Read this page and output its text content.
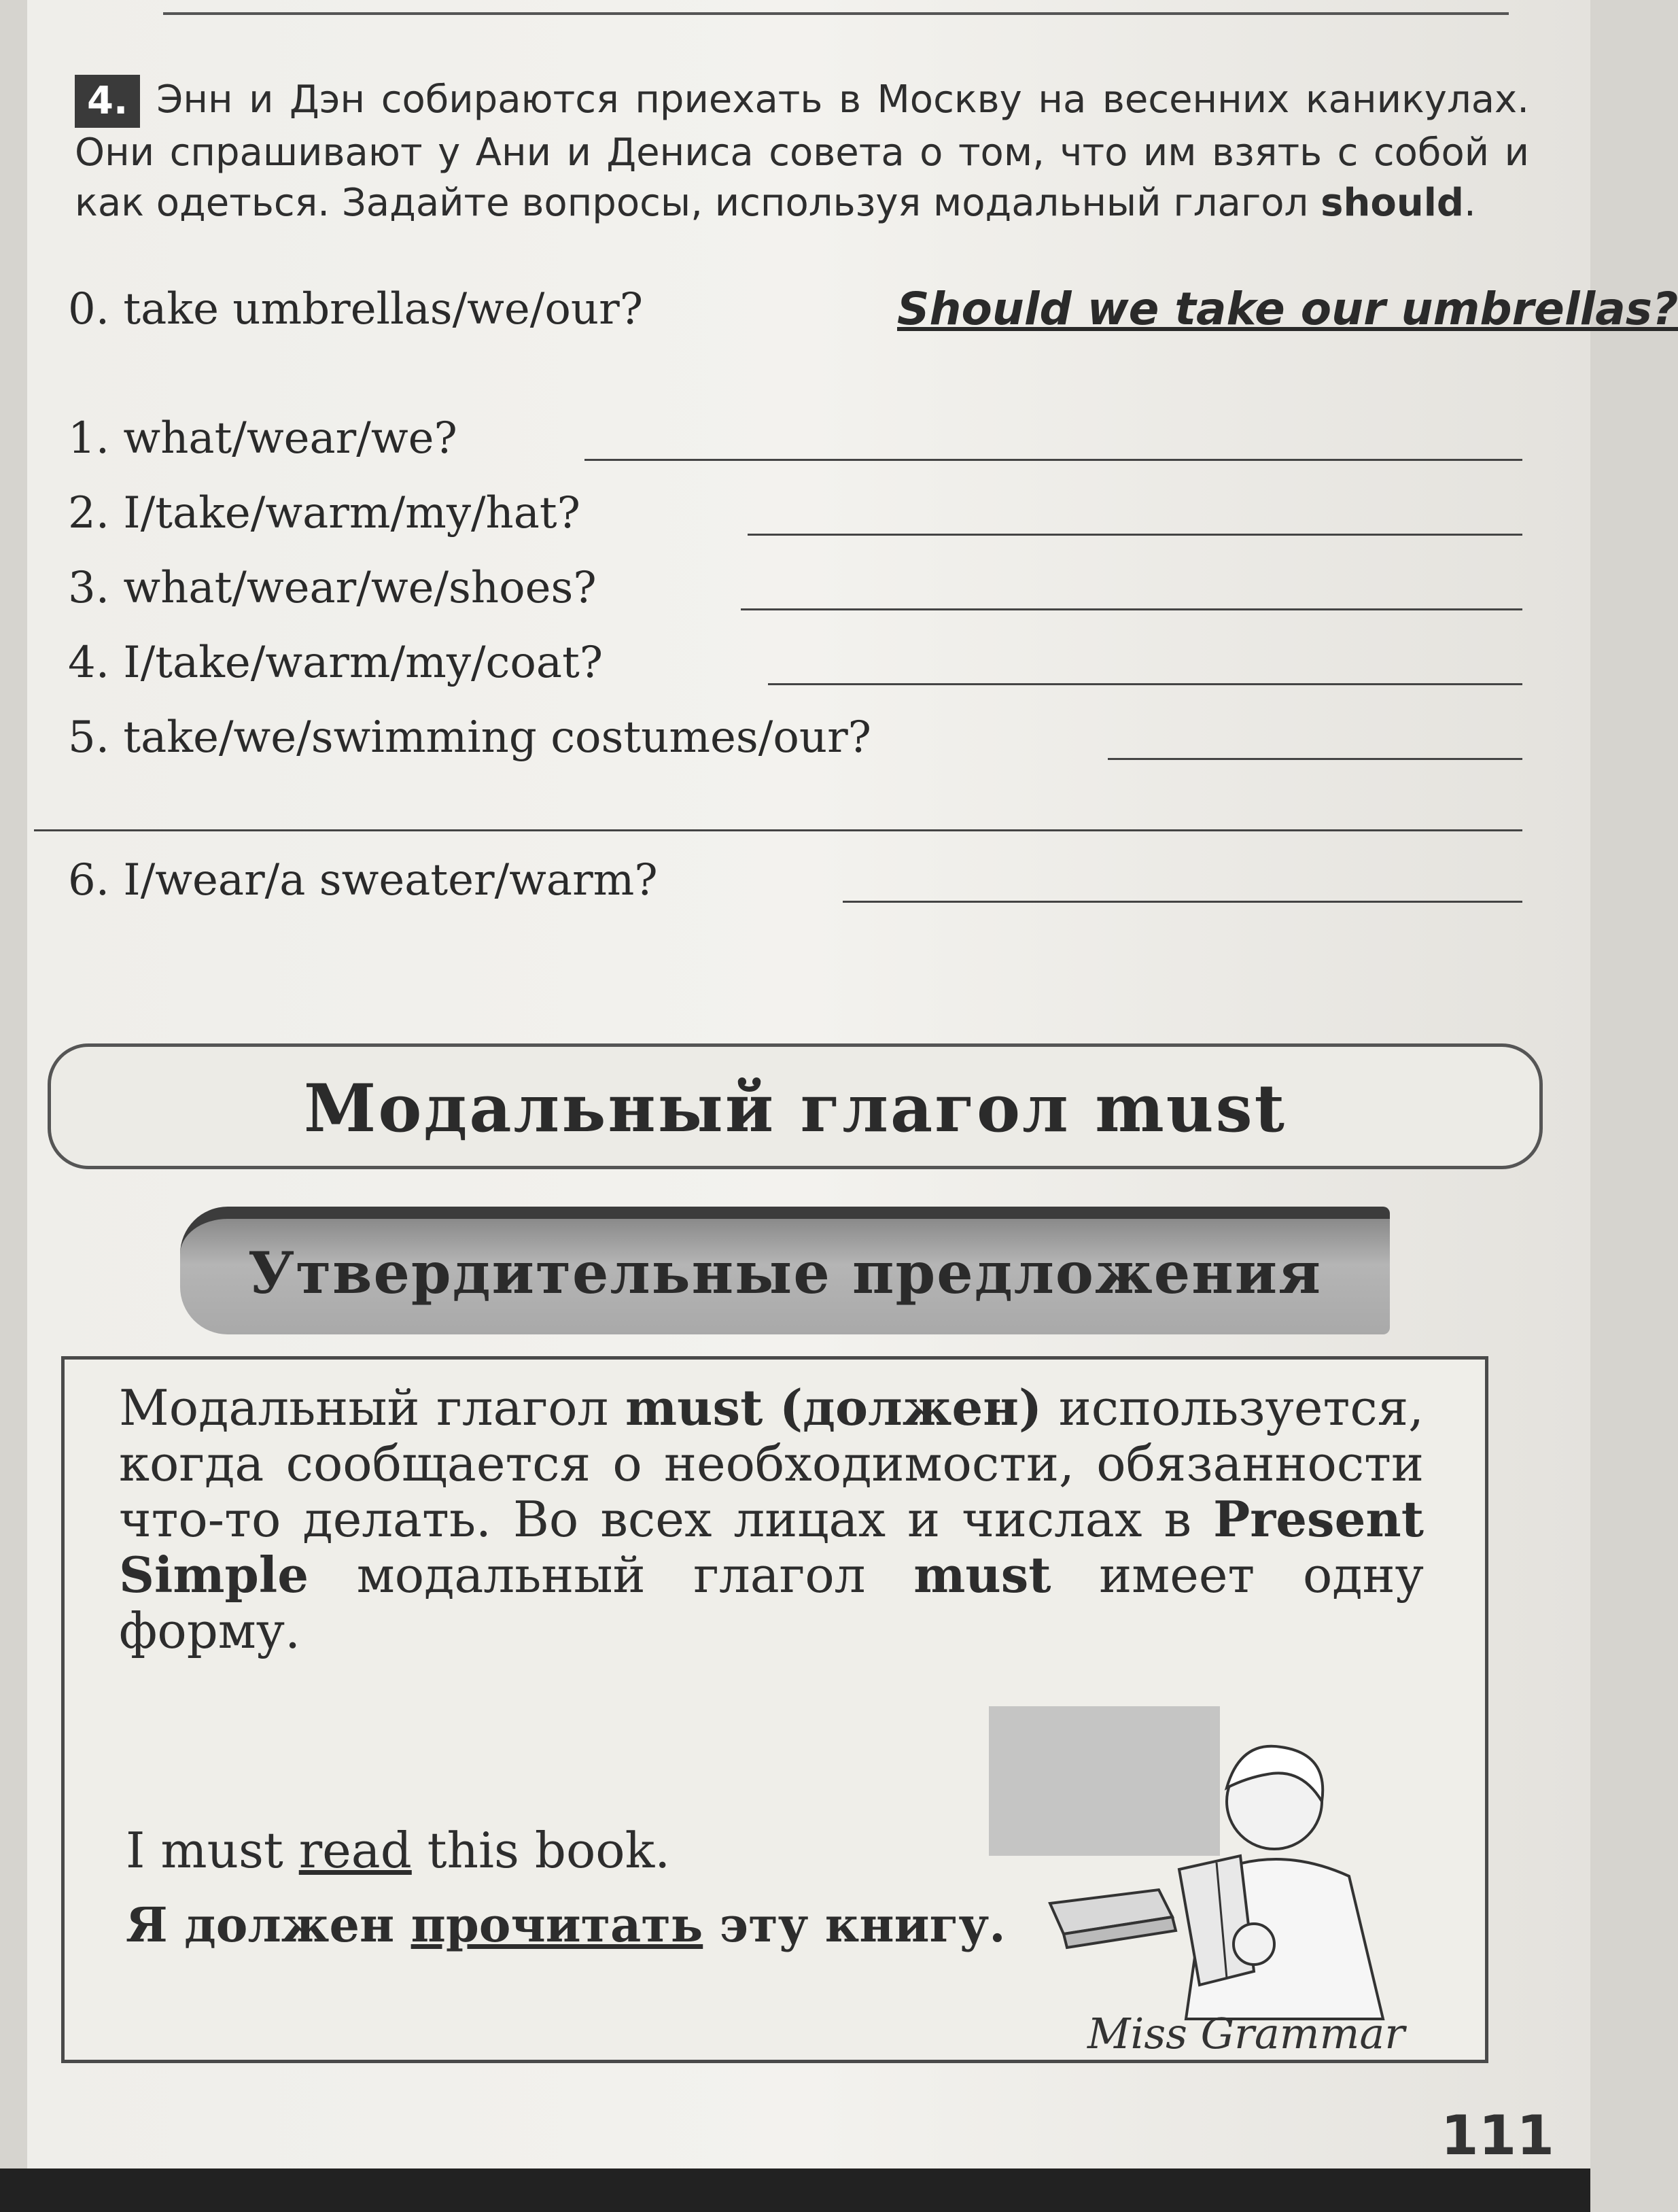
4. Энн и Дэн собираются приехать в Москву на весенних каникулах. Они спрашивают у Ани и Дениса совета о том, что им взять с собой и как одеться. Задайте вопросы, используя модальный глагол should.
0. take umbrellas/we/our?	Should we take our umbrellas?
1. what/wear/we?
2. I/take/warm/my/hat?
3. what/wear/we/shoes?
4. I/take/warm/my/coat?
5. take/we/swimming costumes/our?
6. I/wear/a sweater/warm?
Модальный глагол must
Утвердительные предложения
Модальный глагол must (должен) используется, когда сообщается о необходимости, обязанности что-то делать. Во всех лицах и числах в Present Simple модальный глагол must имеет одну форму.
I must read this book.
Я должен прочитать эту книгу.
Miss Grammar
111
